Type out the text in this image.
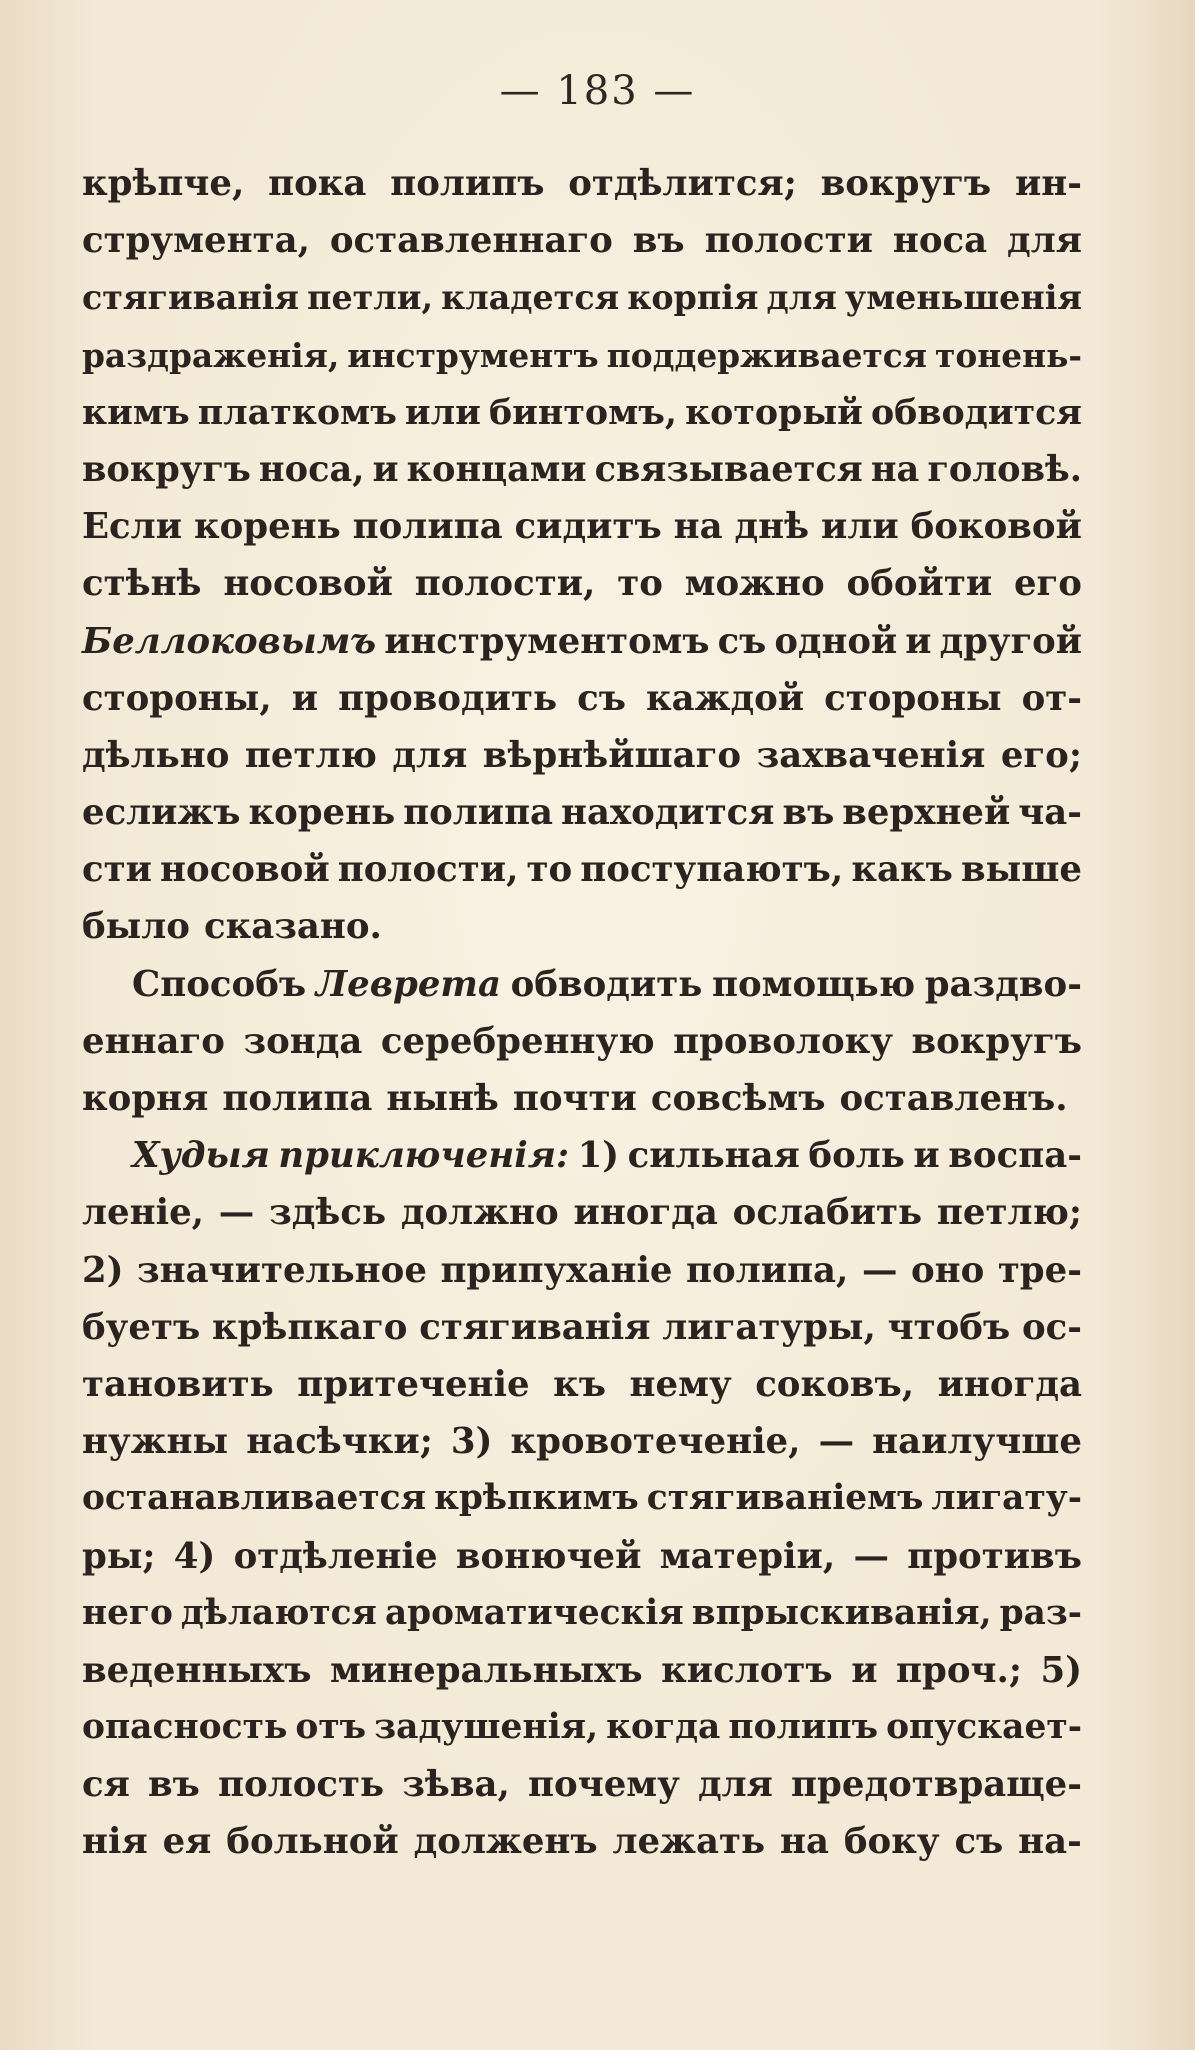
— 183 —
крѣпче, пока полипъ отдѣлится; вокругъ ин-
струмента, оставленнаго въ полости носа для
стягиванія петли, кладется корпія для уменьшенія
раздраженія, инструментъ поддерживается тонень-
кимъ платкомъ или бинтомъ, который обводится
вокругъ носа, и концами связывается на головѣ.
Если корень полипа сидитъ на днѣ или боковой
стѣнѣ носовой полости, то можно обойти его
Беллоковымъ инструментомъ съ одной и другой
стороны, и проводить съ каждой стороны от-
дѣльно петлю для вѣрнѣйшаго захваченія его;
еслижъ корень полипа находится въ верхней ча-
сти носовой полости, то поступаютъ, какъ выше
было сказано.
Способъ Левретa обводить помощью раздво-
еннаго зонда серебренную проволоку вокругъ
корня полипа нынѣ почти совсѣмъ оставленъ.
Худыя приключенія: 1) сильная боль и воспа-
леніе, — здѣсь должно иногда ослабить петлю;
2) значительное припуханіе полипа, — оно тре-
буетъ крѣпкаго стягиванія лигатуры, чтобъ ос-
тановить притеченіе къ нему соковъ, иногда
нужны насѣчки; 3) кровотеченіе, — наилучше
останавливается крѣпкимъ стягиваніемъ лигату-
ры; 4) отдѣленіе вонючей матеріи, — противъ
него дѣлаются ароматическія впрыскиванія, раз-
веденныхъ минеральныхъ кислотъ и проч.; 5)
опасность отъ задушенія, когда полипъ опускает-
ся въ полость зѣва, почему для предотвраще-
нія ея больной долженъ лежать на боку съ на-
